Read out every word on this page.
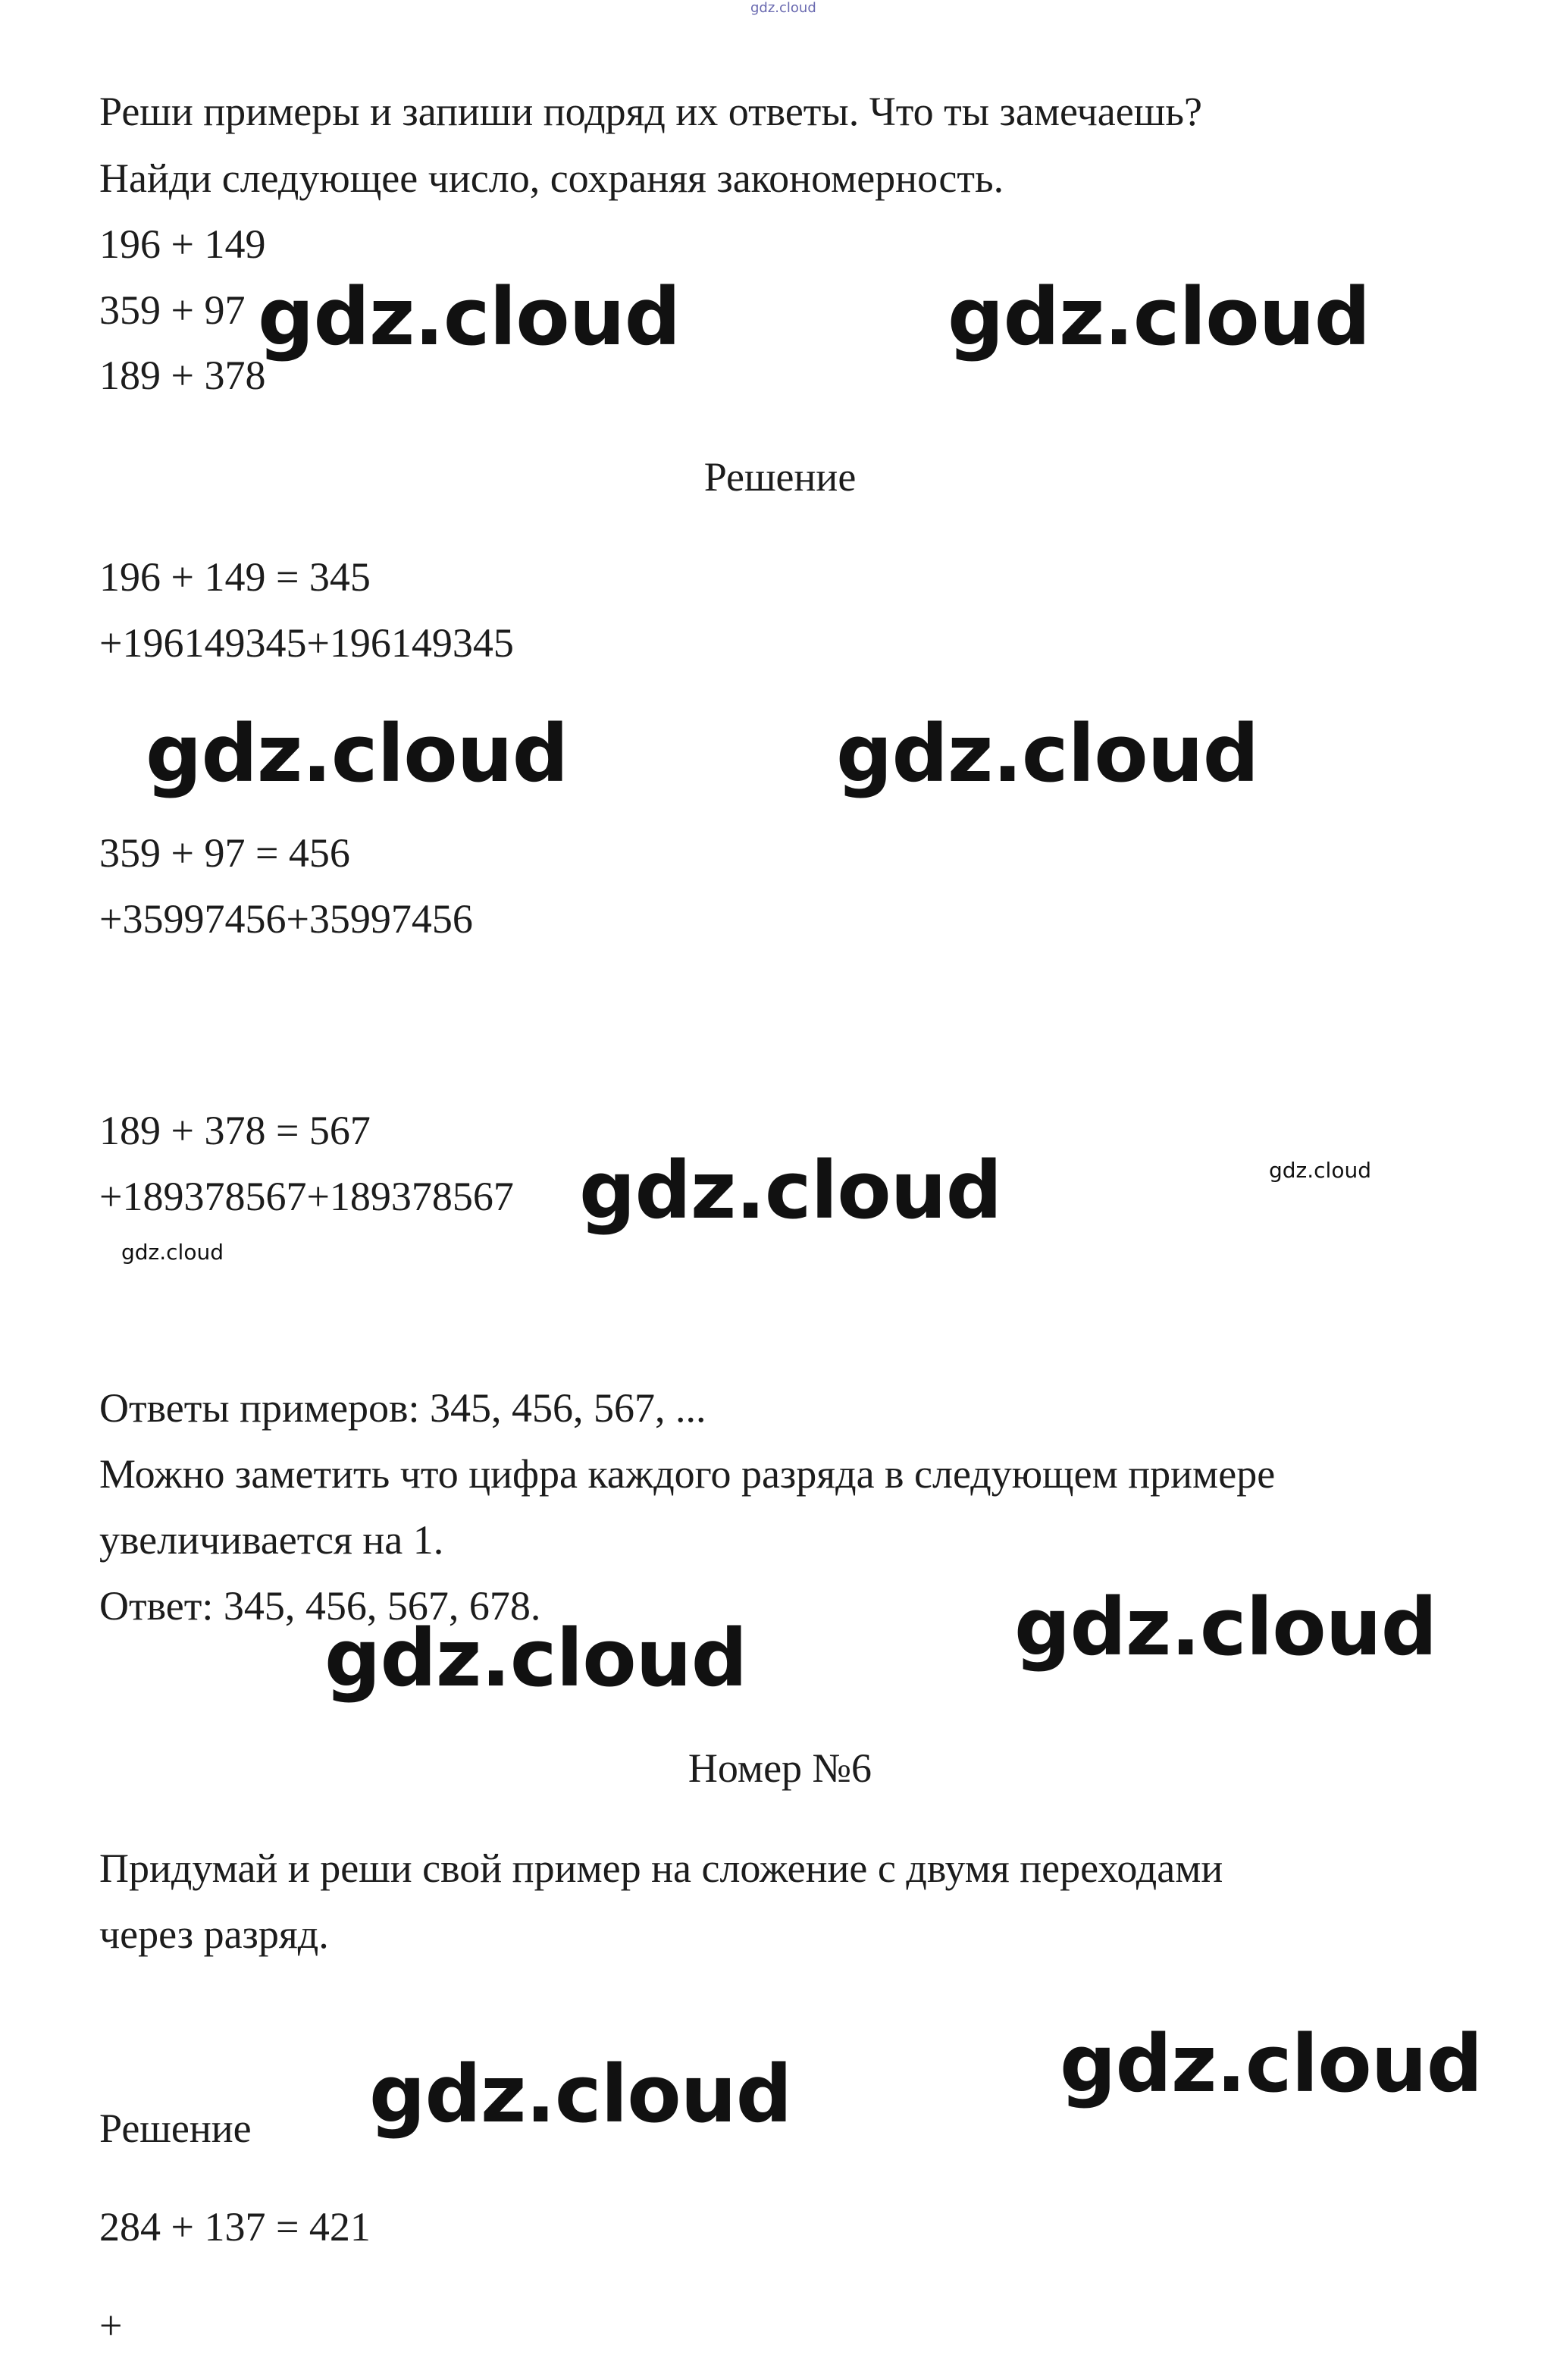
gdz.cloud
Реши примеры и запиши подряд их ответы. Что ты замечаешь?
Найди следующее число, сохраняя закономерность.
196 + 149
359 + 97
189 + 378
Решение
196 + 149 = 345
+196149345+196149345
359 + 97 = 456
+35997456+35997456
189 + 378 = 567
+189378567+189378567
Ответы примеров: 345, 456, 567, ...
Можно заметить что цифра каждого разряда в следующем примере
увеличивается на 1.
Ответ: 345, 456, 567, 678.
Номер №6
Придумай и реши свой пример на сложение с двумя переходами
через разряд.
Решение
284 + 137 = 421
+
gdz.cloud	gdz.cloud
gdz.cloud	gdz.cloud
gdz.cloud	gdz.cloud
gdz.cloud
gdz.cloud
gdz.cloud
gdz.cloud
gdz.cloud
